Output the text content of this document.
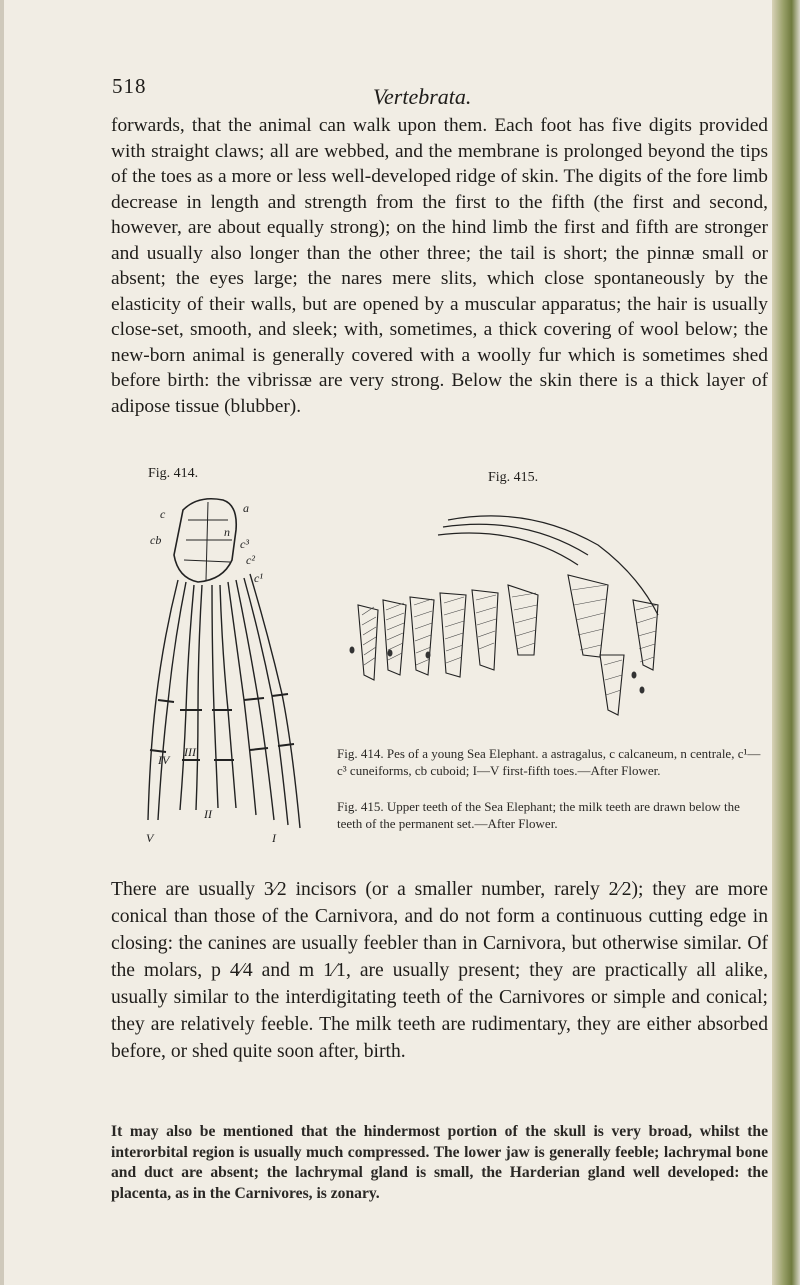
518	Vertebrata.

forwards, that the animal can walk upon them. Each foot has five digits provided with straight claws; all are webbed, and the membrane is prolonged beyond the tips of the toes as a more or less well-developed ridge of skin. The digits of the fore limb decrease in length and strength from the first to the fifth (the first and second, however, are about equally strong); on the hind limb the first and fifth are stronger and usually also longer than the other three; the tail is short; the pinnæ small or absent; the eyes large; the nares mere slits, which close spontaneously by the elasticity of their walls, but are opened by a muscular apparatus; the hair is usually close-set, smooth, and sleek; with, sometimes, a thick covering of wool below; the new-born animal is generally covered with a woolly fur which is sometimes shed before birth: the vibrissæ are very strong. Below the skin there is a thick layer of adipose tissue (blubber).

Fig. 414.	Fig. 415.
c	a
n
c³
c²
c¹
cb
IV
III
II
V	I

Fig. 414. Pes of a young Sea Elephant. a astragalus, c calcaneum, n centrale, c¹—c³ cuneiforms, cb cuboid; I—V first-fifth toes.—After Flower.

Fig. 415. Upper teeth of the Sea Elephant; the milk teeth are drawn below the teeth of the permanent set.—After Flower.

There are usually 3⁄2 incisors (or a smaller number, rarely 2⁄2); they are more conical than those of the Carnivora, and do not form a continuous cutting edge in closing: the canines are usually feebler than in Carnivora, but otherwise similar. Of the molars, p 4⁄4 and m 1⁄1, are usually present; they are practically all alike, usually similar to the interdigitating teeth of the Carnivores or simple and conical; they are relatively feeble. The milk teeth are rudimentary, they are either absorbed before, or shed quite soon after, birth.

It may also be mentioned that the hindermost portion of the skull is very broad, whilst the interorbital region is usually much compressed. The lower jaw is generally feeble; lachrymal bone and duct are absent; the lachrymal gland is small, the Harderian gland well developed: the placenta, as in the Carnivores, is zonary.
